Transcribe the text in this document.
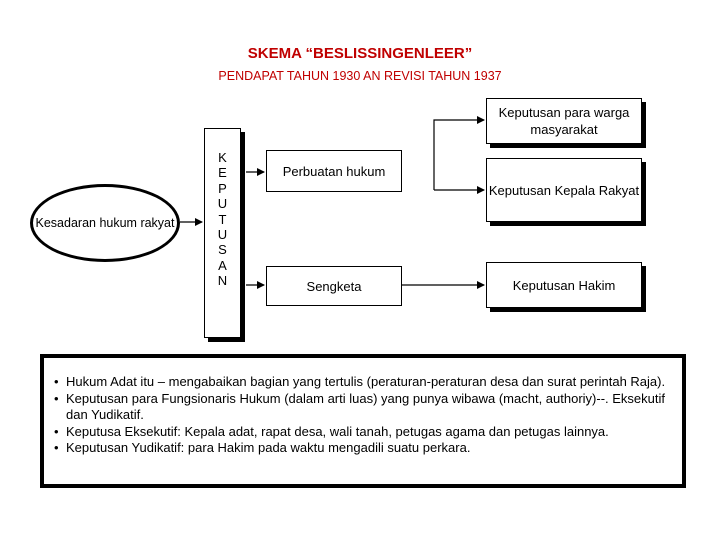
SKEMA “BESLISSINGENLEER”
PENDAPAT TAHUN 1930 AN REVISI TAHUN 1937
Kesadaran hukum rakyat
K
E
P
U
T
U
S
A
N
Perbuatan hukum
Sengketa
Keputusan para warga masyarakat
Keputusan Kepala Rakyat
Keputusan Hakim
• Hukum Adat itu – mengabaikan bagian yang tertulis (peraturan-peraturan desa dan surat perintah Raja).
• Keputusan para Fungsionaris Hukum (dalam arti luas) yang punya wibawa (macht, authoriy)--. Eksekutif dan Yudikatif.
• Keputusa Eksekutif: Kepala adat, rapat desa, wali tanah, petugas agama dan petugas lainnya.
• Keputusan Yudikatif: para Hakim pada waktu mengadili suatu perkara.
